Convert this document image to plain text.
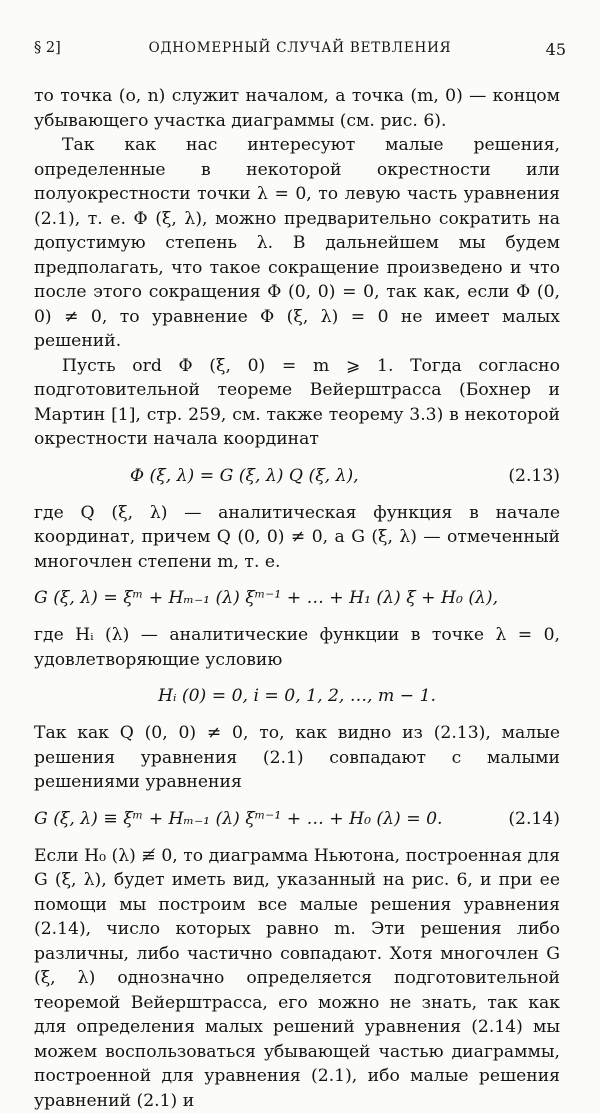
§ 2]	ОДНОМЕРНЫЙ СЛУЧАЙ ВЕТВЛЕНИЯ	45

то точка (o, n) служит началом, а точка (m, 0) — концом убывающего участка диаграммы (см. рис. 6).

Так как нас интересуют малые решения, определенные в некоторой окрестности или полуокрестности точки λ = 0, то левую часть уравнения (2.1), т. е. Φ (ξ, λ), можно предварительно сократить на допустимую степень λ. В дальнейшем мы будем предполагать, что такое сокращение произведено и что после этого сокращения Φ (0, 0) = 0, так как, если Φ (0, 0) ≠ 0, то уравнение Φ (ξ, λ) = 0 не имеет малых решений.

Пусть ord Φ (ξ, 0) = m ⩾ 1. Тогда согласно подготовительной теореме Вейерштрасса (Бохнер и Мартин [1], стр. 259, см. также теорему 3.3) в некоторой окрестности начала координат

Φ (ξ, λ) = G (ξ, λ) Q (ξ, λ),	(2.13)

где Q (ξ, λ) — аналитическая функция в начале координат, причем Q (0, 0) ≠ 0, а G (ξ, λ) — отмеченный многочлен степени m, т. е.

G (ξ, λ) = ξᵐ + Hₘ₋₁ (λ) ξᵐ⁻¹ + … + H₁ (λ) ξ + H₀ (λ),

где Hᵢ (λ) — аналитические функции в точке λ = 0, удовлетворяющие условию

Hᵢ (0) = 0, i = 0, 1, 2, …, m − 1.

Так как Q (0, 0) ≠ 0, то, как видно из (2.13), малые решения уравнения (2.1) совпадают с малыми решениями уравнения

G (ξ, λ) ≡ ξᵐ + Hₘ₋₁ (λ) ξᵐ⁻¹ + … + H₀ (λ) = 0.	(2.14)

Если H₀ (λ) ≢ 0, то диаграмма Ньютона, построенная для G (ξ, λ), будет иметь вид, указанный на рис. 6, и при ее помощи мы построим все малые решения уравнения (2.14), число которых равно m. Эти решения либо различны, либо частично совпадают. Хотя многочлен G (ξ, λ) однозначно определяется подготовительной теоремой Вейерштрасса, его можно не знать, так как для определения малых решений уравнения (2.14) мы можем воспользоваться убывающей частью диаграммы, построенной для уравнения (2.1), ибо малые решения уравнений (2.1) и
